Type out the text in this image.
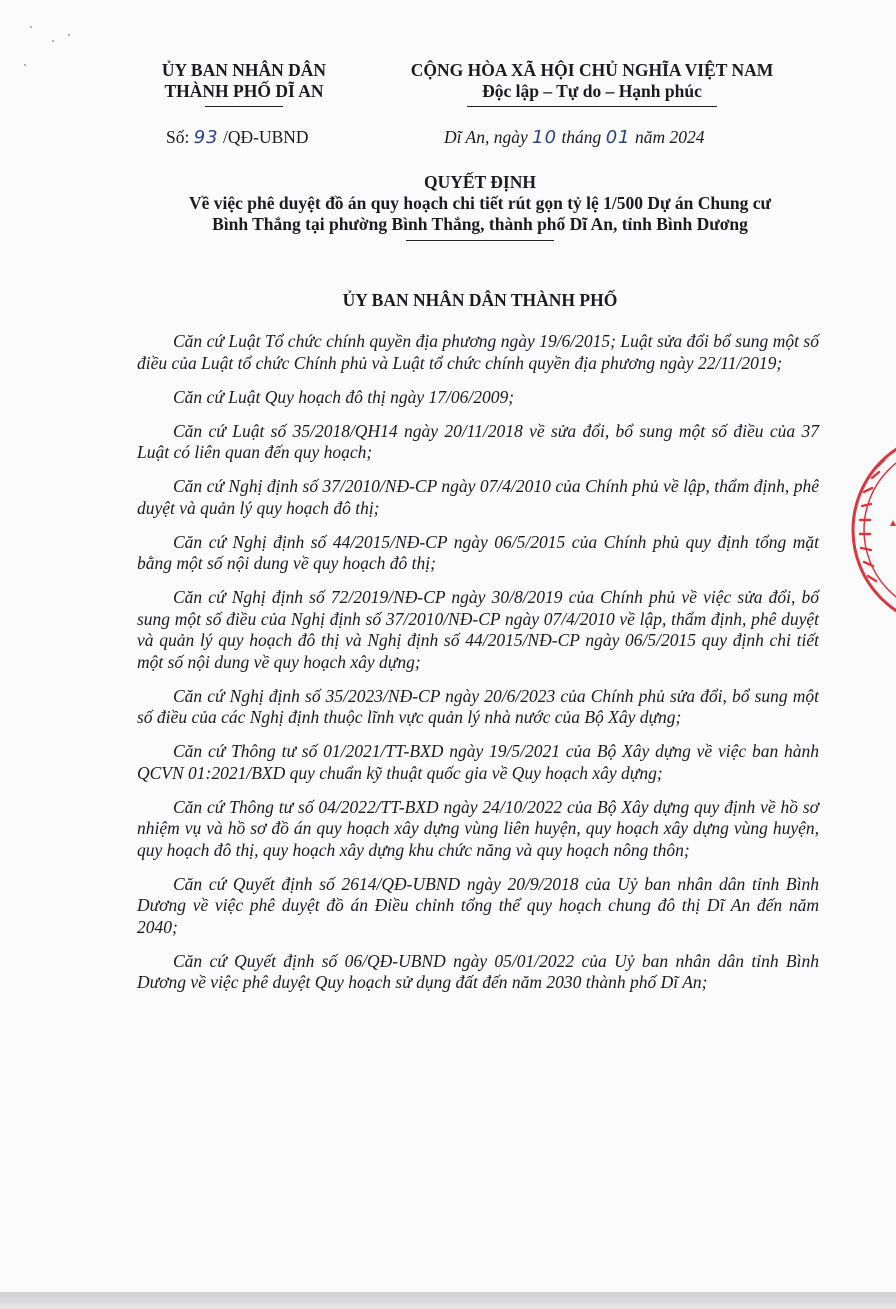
ỦY BAN NHÂN DÂN
THÀNH PHỐ DĨ AN
CỘNG HÒA XÃ HỘI CHỦ NGHĨA VIỆT NAM
Độc lập – Tự do – Hạnh phúc
Số: 93 /QĐ-UBND	Dĩ An, ngày 10 tháng 01 năm 2024
QUYẾT ĐỊNH
Về việc phê duyệt đồ án quy hoạch chi tiết rút gọn tỷ lệ 1/500 Dự án Chung cư
Bình Thắng tại phường Bình Thắng, thành phố Dĩ An, tỉnh Bình Dương
ỦY BAN NHÂN DÂN THÀNH PHỐ

Căn cứ Luật Tổ chức chính quyền địa phương ngày 19/6/2015; Luật sửa đổi bổ sung một số điều của Luật tổ chức Chính phủ và Luật tổ chức chính quyền địa phương ngày 22/11/2019;

Căn cứ Luật Quy hoạch đô thị ngày 17/06/2009;

Căn cứ Luật số 35/2018/QH14 ngày 20/11/2018 về sửa đổi, bổ sung một số điều của 37 Luật có liên quan đến quy hoạch;

Căn cứ Nghị định số 37/2010/NĐ-CP ngày 07/4/2010 của Chính phủ về lập, thẩm định, phê duyệt và quản lý quy hoạch đô thị;

Căn cứ Nghị định số 44/2015/NĐ-CP ngày 06/5/2015 của Chính phủ quy định tổng mặt bằng một số nội dung về quy hoạch đô thị;

Căn cứ Nghị định số 72/2019/NĐ-CP ngày 30/8/2019 của Chính phủ về việc sửa đổi, bổ sung một số điều của Nghị định số 37/2010/NĐ-CP ngày 07/4/2010 về lập, thẩm định, phê duyệt và quản lý quy hoạch đô thị và Nghị định số 44/2015/NĐ-CP ngày 06/5/2015 quy định chi tiết một số nội dung về quy hoạch xây dựng;

Căn cứ Nghị định số 35/2023/NĐ-CP ngày 20/6/2023 của Chính phủ sửa đổi, bổ sung một số điều của các Nghị định thuộc lĩnh vực quản lý nhà nước của Bộ Xây dựng;

Căn cứ Thông tư số 01/2021/TT-BXD ngày 19/5/2021 của Bộ Xây dựng về việc ban hành QCVN 01:2021/BXD quy chuẩn kỹ thuật quốc gia về Quy hoạch xây dựng;

Căn cứ Thông tư số 04/2022/TT-BXD ngày 24/10/2022 của Bộ Xây dựng quy định về hồ sơ nhiệm vụ và hồ sơ đồ án quy hoạch xây dựng vùng liên huyện, quy hoạch xây dựng vùng huyện, quy hoạch đô thị, quy hoạch xây dựng khu chức năng và quy hoạch nông thôn;

Căn cứ Quyết định số 2614/QĐ-UBND ngày 20/9/2018 của Uỷ ban nhân dân tỉnh Bình Dương về việc phê duyệt đồ án Điều chỉnh tổng thể quy hoạch chung đô thị Dĩ An đến năm 2040;

Căn cứ Quyết định số 06/QĐ-UBND ngày 05/01/2022 của Uỷ ban nhân dân tỉnh Bình Dương về việc phê duyệt Quy hoạch sử dụng đất đến năm 2030 thành phố Dĩ An;
